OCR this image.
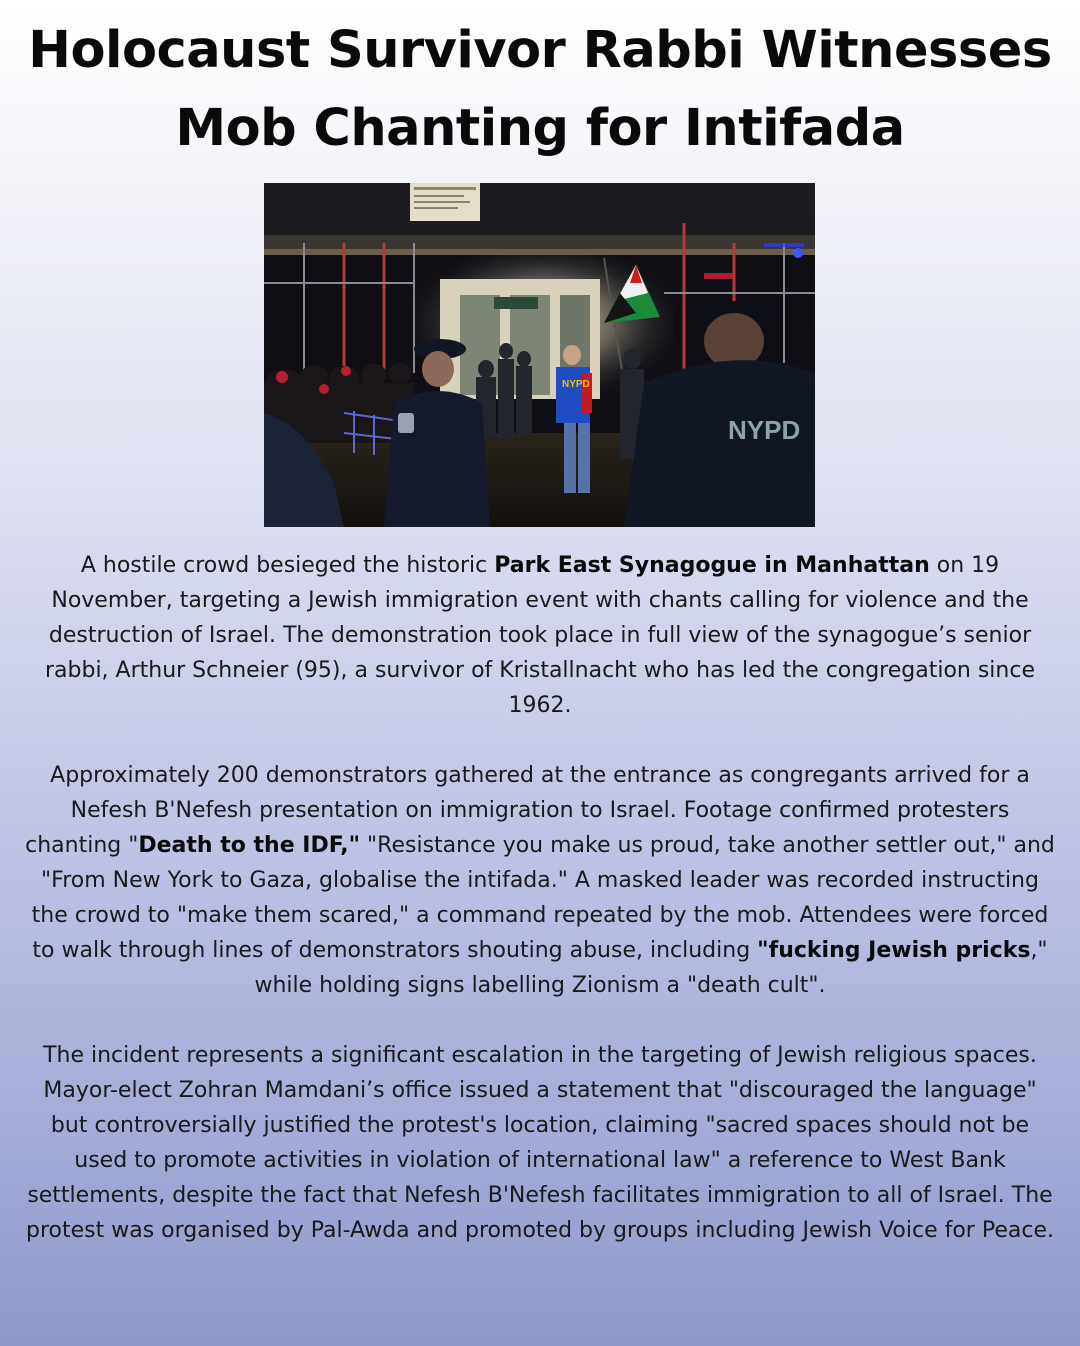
Holocaust Survivor Rabbi Witnesses
Mob Chanting for Intifada
NYPD
NYPD

A hostile crowd besieged the historic Park East Synagogue in Manhattan on 19 November, targeting a Jewish immigration event with chants calling for violence and the destruction of Israel. The demonstration took place in full view of the synagogue’s senior rabbi, Arthur Schneier (95), a survivor of Kristallnacht who has led the congregation since 1962.

Approximately 200 demonstrators gathered at the entrance as congregants arrived for a Nefesh B'Nefesh presentation on immigration to Israel. Footage confirmed protesters chanting "Death to the IDF," "Resistance you make us proud, take another settler out," and "From New York to Gaza, globalise the intifada." A masked leader was recorded instructing the crowd to "make them scared," a command repeated by the mob. Attendees were forced to walk through lines of demonstrators shouting abuse, including "fucking Jewish pricks," while holding signs labelling Zionism a "death cult".

The incident represents a significant escalation in the targeting of Jewish religious spaces. Mayor-elect Zohran Mamdani’s office issued a statement that "discouraged the language" but controversially justified the protest's location, claiming "sacred spaces should not be used to promote activities in violation of international law" a reference to West Bank settlements, despite the fact that Nefesh B'Nefesh facilitates immigration to all of Israel. The protest was organised by Pal-Awda and promoted by groups including Jewish Voice for Peace.
